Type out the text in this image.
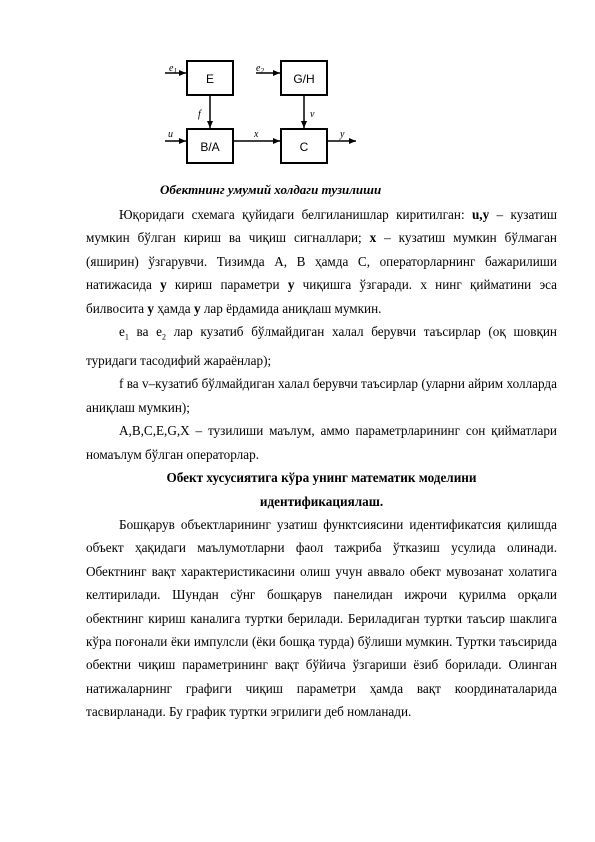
E	G/H
B/A	C
$e_1$	$e_2$
f	v
u	x	y
Обектнинг умумий холдаги тузилиши

Юқоридаги схемага қуйидаги белгиланишлар киритилган: u,y – кузатиш мумкин бўлган кириш ва чиқиш сигналлари; x – кузатиш мумкин бўлмаган (яширин) ўзгарувчи. Тизимда А, В ҳамда С, операторларнинг бажарилиши натижасида у кириш параметри у чиқишга ўзгаради. х нинг қийматини эса билвосита у ҳамда у лар ёрдамида аниқлаш мумкин.

$е_1$ ва $е_2$ лар кузатиб бўлмайдиган халал берувчи таъсирлар (оқ шовқин туридаги тасодифий жараёнлар);

f ва v–кузатиб бўлмайдиган халал берувчи таъсирлар (уларни айрим холларда аниқлаш мумкин);

A,B,C,E,G,X – тузилиши маълум, аммо параметрларининг сон қийматлари номаълум бўлган операторлар.

Обект хусусиятига кўра унинг математик моделини

идентификациялаш.

Бошқарув объектларининг узатиш функтсиясини идентификатсия қилишда объект ҳақидаги маълумотларни фаол тажриба ўтказиш усулида олинади. Обектнинг вақт характеристикасини олиш учун аввало обект мувозанат холатига келтирилади. Шундан сўнг бошқарув панелидан ижрочи қурилма орқали обектнинг кириш каналига туртки берилади. Бериладиган туртки таъсир шаклига кўра поғонали ёки импулсли (ёки бошқа турда) бўлиши мумкин. Туртки таъсирида обектни чиқиш параметрининг вақт бўйича ўзгариши ёзиб борилади. Олинган натижаларнинг графиги чиқиш параметри ҳамда вақт координаталарида тасвирланади. Бу график туртки эгрилиги деб номланади.
